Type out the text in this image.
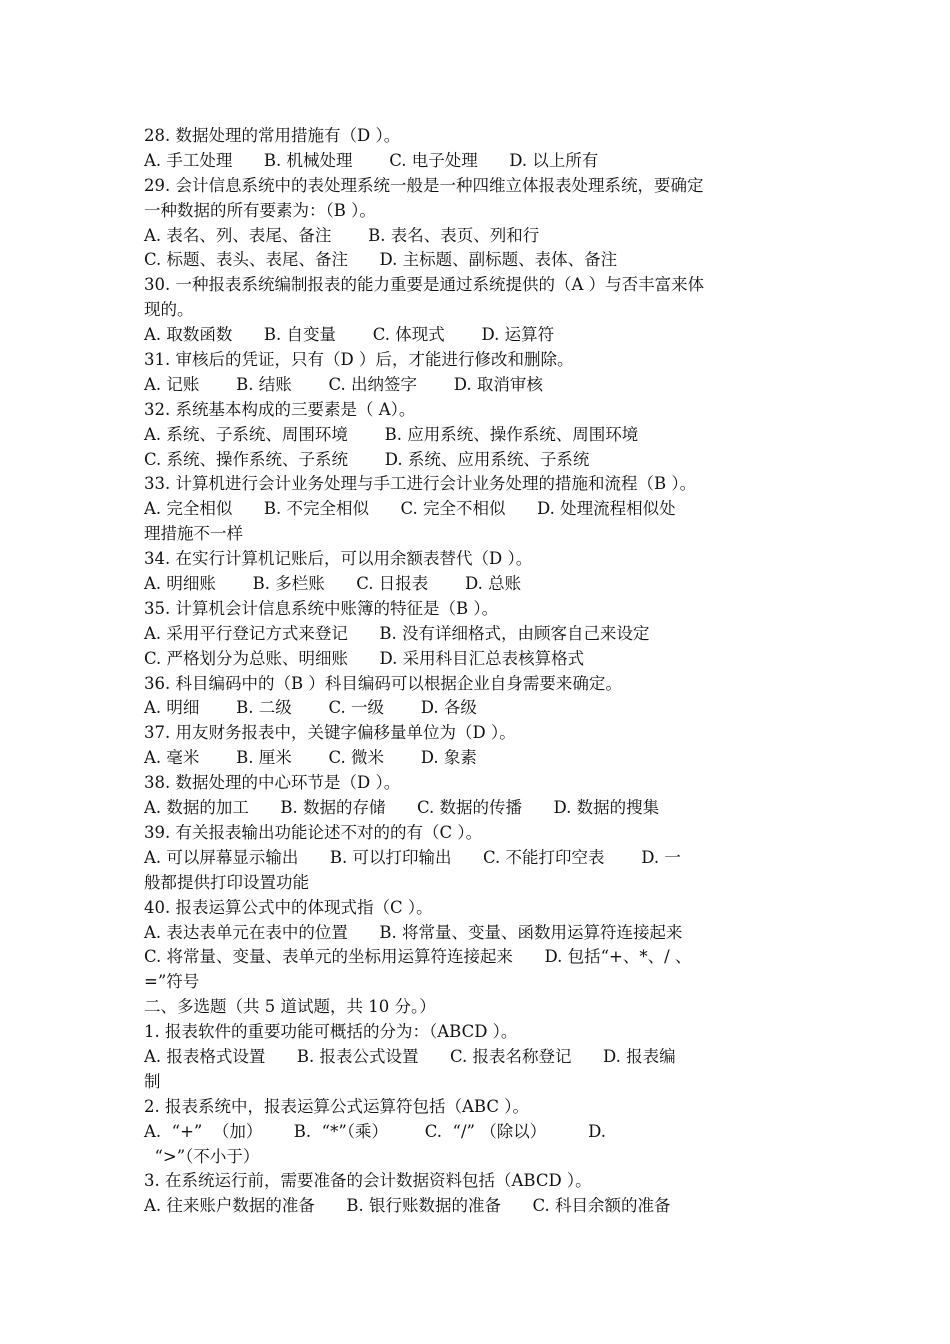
28. 数据处理的常用措施有（D ）。
A. 手工处理      B. 机械处理       C. 电子处理      D. 以上所有
29. 会计信息系统中的表处理系统一般是一种四维立体报表处理系统，要确定
一种数据的所有要素为：（B ）。
A. 表名、列、表尾、备注       B. 表名、表页、列和行
C. 标题、表头、表尾、备注      D. 主标题、副标题、表体、备注
30. 一种报表系统编制报表的能力重要是通过系统提供的（A ）与否丰富来体
现的。
A. 取数函数      B. 自变量       C. 体现式       D. 运算符
31. 审核后的凭证，只有（D ）后，才能进行修改和删除。
A. 记账       B. 结账       C. 出纳签字       D. 取消审核
32. 系统基本构成的三要素是（ A）。
A. 系统、子系统、周围环境       B. 应用系统、操作系统、周围环境
C. 系统、操作系统、子系统       D. 系统、应用系统、子系统
33. 计算机进行会计业务处理与手工进行会计业务处理的措施和流程（B ）。
A. 完全相似      B. 不完全相似      C. 完全不相似      D. 处理流程相似处
理措施不一样
34. 在实行计算机记账后，可以用余额表替代（D ）。
A. 明细账       B. 多栏账      C. 日报表       D. 总账
35. 计算机会计信息系统中账簿的特征是（B ）。
A. 采用平行登记方式来登记      B. 没有详细格式，由顾客自己来设定
C. 严格划分为总账、明细账      D. 采用科目汇总表核算格式
36. 科目编码中的（B ）科目编码可以根据企业自身需要来确定。
A. 明细       B. 二级       C. 一级       D. 各级
37. 用友财务报表中，关键字偏移量单位为（D ）。
A. 毫米       B. 厘米       C. 微米       D. 象素
38. 数据处理的中心环节是（D ）。
A. 数据的加工      B. 数据的存储      C. 数据的传播      D. 数据的搜集
39. 有关报表输出功能论述不对的的有（C ）。
A. 可以屏幕显示输出      B. 可以打印输出      C. 不能打印空表       D. 一
般都提供打印设置功能
40. 报表运算公式中的体现式指（C ）。
A. 表达表单元在表中的位置      B. 将常量、变量、函数用运算符连接起来
C. 将常量、变量、表单元的坐标用运算符连接起来      D. 包括“+、*、/ 、
=”符号
二、多选题（共 5 道试题，共 10 分。）
1. 报表软件的重要功能可概括的分为：（ABCD ）。
A. 报表格式设置      B. 报表公式设置      C. 报表名称登记      D. 报表编
制
2. 报表系统中，报表运算公式运算符包括（ABC ）。
A.  “+”  （加）      B.  “*”（乘）       C.  “/” （除以）        D.
“>”（不小于）
3. 在系统运行前，需要准备的会计数据资料包括（ABCD ）。
A. 往来账户数据的准备      B. 银行账数据的准备      C. 科目余额的准备
